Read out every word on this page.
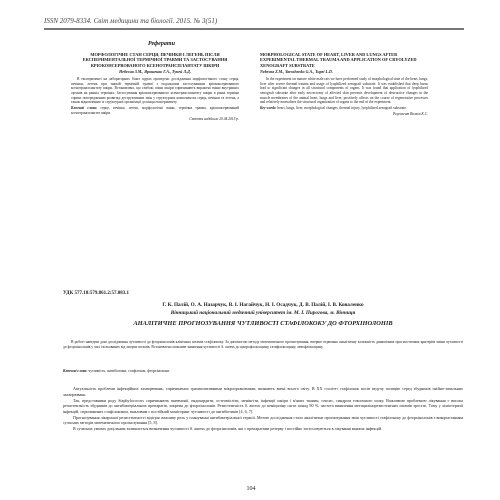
ISSN 2079-8334. Світ медицини та біології. 2015. № 3(51)
Реферати
МОРФОЛОГІЧНЕ СТАН СЕРЦЯ, ПЕЧІНКИ І ЛЕГЕНЬ ПІСЛЯ ЕКСПЕРИМЕНТАЛЬНОЇ ТЕРМІЧНОЇ ТРАВМИ ТА ЗАСТОСУВАННЯ КРІОКОНСЕРВОВАНОГО КСЕНОТРАНСПЛАНТАТУ ШКІРИ
Небесна З.М., Ярошенко Г.А., Тупей Л.Д.
В експерименті на лабораторних білих щурах проведено дослідження морфологічного стану серця, печінки, легень при тяжкій термічній травмі з подальшим застосуванням кріоконсервованого ксенотрансплантату шкіри. Встановлено, що глибокі опіки шкіри спричиняють виражені зміни внутрішніх органів на ранніх термінах. Застосування кріоконсервованого ксенотрансплантату шкіри в ранні терміни сприяє попередженню розвитку деструктивних змін у структурних компонентах серця, печінки та легень, а також відновленню їх структурної організації до кінця експерименту.
Ключові слова: серце, печінка, легені, морфологічні зміни, термічна травма, кріоконсервований ксенотрансплантат шкіри.
Стаття надійшла 20.04.2015 р.
MORPHOLOGICAL STATE OF HEART, LIVER AND LUNGS AFTER EXPERIMENTAL THERMAL TRAUMA AND APPLICATION OF CRYOLYZED XENOGRAFT SUBSTRATE
Nebesna Z.M., Yaroshenko G.A., Tupei L.D.
In the experiment on mature white male rats we have performed study of morphological state of the heart, lungs, liver after severe thermal trauma and usage of lyophilized xenograft substrate. It was established that deep burns lead to significant changes in all structural components of organs. It was found that application of lyophilized xenograft substrate after early necrectomy of affected skin prevents development of destructive changes in the muscle membranes of the animal heart, lungs and liver, positively affects on the course of regenerative processes and relatively normalizes the structural organization of organs to the end of the experiment.
Key words: heart, lungs, liver, morphological changes, thermal injury, lyophilized xenograft substrate.
Рецензент Волков К.С.
УДК 577.18:579.861.2:57.083.1
Г. К. Палій, О. А. Назарчук, В. І. Нагайчук, Н. І. Осадчук, Д. В. Палій, І. В. Коваленко
Вінницький національний медичний університет ім. М. І. Пирогова, м. Вінниця
АНАЛІТИЧНЕ ПРОГНОЗУВАННЯ ЧУТЛИВОСТІ СТАФІЛОКОКУ ДО ФТОРХІНОЛОНІВ
В роботі наведені дані дослідження чутливості до фторхінолонів клінічних штамів стафілококу. За допомогою методу математичного прогнозування, вперше отримано аналітичну залежність динамічних прогностичних критеріїв зміни чутливості до фторхінолонів у часі ізольованих від хворих штамів. Встановлено можливе зниження чутливості S. aureus до ципрофлоксацину, гатифлоксацину, левофлоксацину.
Ключові слова: чутливість, антибіотики, стафілокок, фторхінолони.

Актуальність проблеми інфекційних захворювань, спричинених грампозитивними мікроорганізмами, визнають вчені всього світу. В ХХ столітті стафілокок посів ведучу позицію серед збудників гнійно-запальних захворювань.

Так, представники роду Staphylococcus спричиняють пневмонії, ендокардити, остеомієліти, менінгіти, інфекції шкіри і м'яких тканин, сепсис, синдром токсичного шоку. Важливою проблемою лікування є висока резистентність збудників до антибактеріальних препаратів, зокрема до фторхінолонів. Резистентність S. aureus до пеніциліну сягає понад 90 %, частота виявлення метицилінорезистентних штамів зростає. Тому у хіміотерапії інфекцій, спричинених стафілококом, важливим є постійний моніторинг чутливості до антибіотиків [4, 6, 7].

Прогнозування лікарської резистентності відіграє важливу роль у плануванні антибактеріальної терапії. Метою дослідження стало аналітичне прогнозування змін чутливості стафілококу до фторхінолонів з використанням сучасних методів математичного прогнозування [5, 8].

В сучасних умовах доцільним залишається визначення чутливості S. aureus до фторхінолонів, які є препаратами резерву і постійно застосовуються в лікуванні важких інфекцій.

104
